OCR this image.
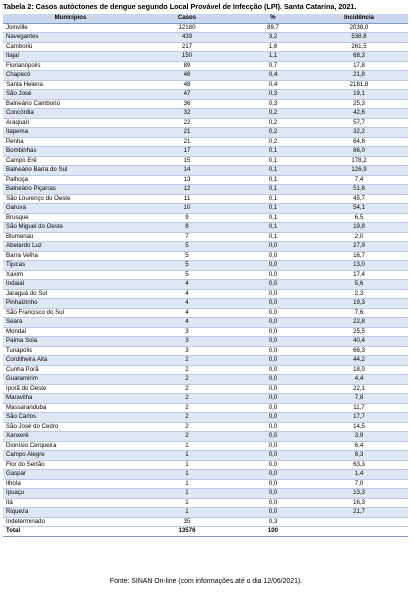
Tabela 2: Casos autóctones de dengue segundo Local Provável de Infecção (LPI). Santa Catarina, 2021.
Municípios	Casos	%	Incidência
Joinville	12180	89,7	2038,0
Navegantes	439	3,2	538,8
Camboriú	217	1,6	261,5
Itajaí	150	1,1	68,3
Florianópolis	89	0,7	17,8
Chapecó	48	0,4	21,8
Santa Helena	48	0,4	2181,8
São José	47	0,3	19,1
Balneário Camboriú	36	0,3	25,3
Concórdia	32	0,2	42,6
Araquari	22	0,2	57,7
Itapema	21	0,2	32,2
Penha	21	0,2	64,6
Bombinhas	17	0,1	86,0
Campo Erê	15	0,1	178,2
Balneário Barra do Sul	14	0,1	126,9
Palhoça	13	0,1	7,4
Balneário Piçarras	12	0,1	51,8
São Lourenço do Oeste	11	0,1	45,7
Garuva	10	0,1	54,1
Brusque	9	0,1	6,5
São Miguel do Oeste	8	0,1	19,8
Blumenau	7	0,1	2,0
Abelardo Luz	5	0,0	27,9
Barra Velha	5	0,0	16,7
Tijucas	5	0,0	13,0
Xaxim	5	0,0	17,4
Indaial	4	0,0	5,6
Jaraguá do Sul	4	0,0	2,3
Pinhalzinho	4	0,0	19,3
São Francisco do Sul	4	0,0	7,6
Seara	4	0,0	22,8
Mondaí	3	0,0	25,5
Palma Sola	3	0,0	40,4
Tunápolis	3	0,0	66,3
Cordilheira Alta	2	0,0	44,2
Cunha Porã	2	0,0	18,0
Guaramirim	2	0,0	4,4
Iporã do Oeste	2	0,0	22,1
Maravilha	2	0,0	7,8
Massaranduba	2	0,0	11,7
São Carlos	2	0,0	17,7
São José do Cedro	2	0,0	14,5
Xanxerê	2	0,0	3,9
Dionísio Cerqueira	1	0,0	6,4
Campo Alegre	1	0,0	8,3
Flor do Sertão	1	0,0	63,3
Gaspar	1	0,0	1,4
Ilhota	1	0,0	7,0
Ipuaçu	1	0,0	13,3
Itá	1	0,0	16,3
Riqueza	1	0,0	21,7
Indeterminado	35	0,3	
Total	13576	100	
Fonte: SINAN On-line (com informações até o dia 12/06/2021).
